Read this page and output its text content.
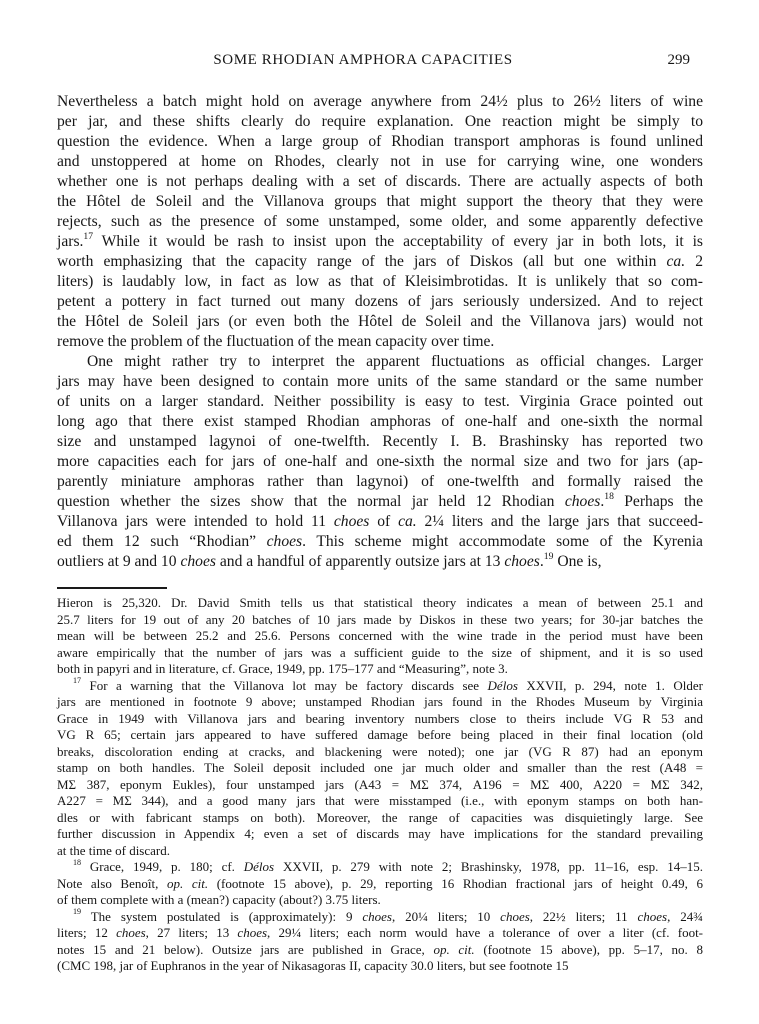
SOME RHODIAN AMPHORA CAPACITIES	299
Nevertheless a batch might hold on average anywhere from 24½ plus to 26½ liters of wine
per jar, and these shifts clearly do require explanation. One reaction might be simply to
question the evidence. When a large group of Rhodian transport amphoras is found unlined
and unstoppered at home on Rhodes, clearly not in use for carrying wine, one wonders
whether one is not perhaps dealing with a set of discards. There are actually aspects of both
the Hôtel de Soleil and the Villanova groups that might support the theory that they were
rejects, such as the presence of some unstamped, some older, and some apparently defective
jars.$^{17}$ While it would be rash to insist upon the acceptability of every jar in both lots, it is
worth emphasizing that the capacity range of the jars of Diskos (all but one within ca. 2
liters) is laudably low, in fact as low as that of Kleisimbrotidas. It is unlikely that so com-
petent a pottery in fact turned out many dozens of jars seriously undersized. And to reject
the Hôtel de Soleil jars (or even both the Hôtel de Soleil and the Villanova jars) would not
remove the problem of the fluctuation of the mean capacity over time.
One might rather try to interpret the apparent fluctuations as official changes. Larger
jars may have been designed to contain more units of the same standard or the same number
of units on a larger standard. Neither possibility is easy to test. Virginia Grace pointed out
long ago that there exist stamped Rhodian amphoras of one-half and one-sixth the normal
size and unstamped lagynoi of one-twelfth. Recently I. B. Brashinsky has reported two
more capacities each for jars of one-half and one-sixth the normal size and two for jars (ap-
parently miniature amphoras rather than lagynoi) of one-twelfth and formally raised the
question whether the sizes show that the normal jar held 12 Rhodian choes.$^{18}$ Perhaps the
Villanova jars were intended to hold 11 choes of ca. 2¼ liters and the large jars that succeed-
ed them 12 such “Rhodian” choes. This scheme might accommodate some of the Kyrenia
outliers at 9 and 10 choes and a handful of apparently outsize jars at 13 choes.$^{19}$ One is,
Hieron is 25,320. Dr. David Smith tells us that statistical theory indicates a mean of between 25.1 and
25.7 liters for 19 out of any 20 batches of 10 jars made by Diskos in these two years; for 30-jar batches the
mean will be between 25.2 and 25.6. Persons concerned with the wine trade in the period must have been
aware empirically that the number of jars was a sufficient guide to the size of shipment, and it is so used
both in papyri and in literature, cf. Grace, 1949, pp. 175–177 and “Measuring”, note 3.
$^{17}$ For a warning that the Villanova lot may be factory discards see Délos XXVII, p. 294, note 1. Older
jars are mentioned in footnote 9 above; unstamped Rhodian jars found in the Rhodes Museum by Virginia
Grace in 1949 with Villanova jars and bearing inventory numbers close to theirs include VG R 53 and
VG R 65; certain jars appeared to have suffered damage before being placed in their final location (old
breaks, discoloration ending at cracks, and blackening were noted); one jar (VG R 87) had an eponym
stamp on both handles. The Soleil deposit included one jar much older and smaller than the rest (A48 =
MΣ 387, eponym Eukles), four unstamped jars (A43 = MΣ 374, A196 = MΣ 400, A220 = MΣ 342,
A227 = MΣ 344), and a good many jars that were misstamped (i.e., with eponym stamps on both han-
dles or with fabricant stamps on both). Moreover, the range of capacities was disquietingly large. See
further discussion in Appendix 4; even a set of discards may have implications for the standard prevailing
at the time of discard.
$^{18}$ Grace, 1949, p. 180; cf. Délos XXVII, p. 279 with note 2; Brashinsky, 1978, pp. 11–16, esp. 14–15.
Note also Benoît, op. cit. (footnote 15 above), p. 29, reporting 16 Rhodian fractional jars of height 0.49, 6
of them complete with a (mean?) capacity (about?) 3.75 liters.
$^{19}$ The system postulated is (approximately): 9 choes, 20¼ liters; 10 choes, 22½ liters; 11 choes, 24¾
liters; 12 choes, 27 liters; 13 choes, 29¼ liters; each norm would have a tolerance of over a liter (cf. foot-
notes 15 and 21 below). Outsize jars are published in Grace, op. cit. (footnote 15 above), pp. 5–17, no. 8
(CMC 198, jar of Euphranos in the year of Nikasagoras II, capacity 30.0 liters, but see footnote 15
